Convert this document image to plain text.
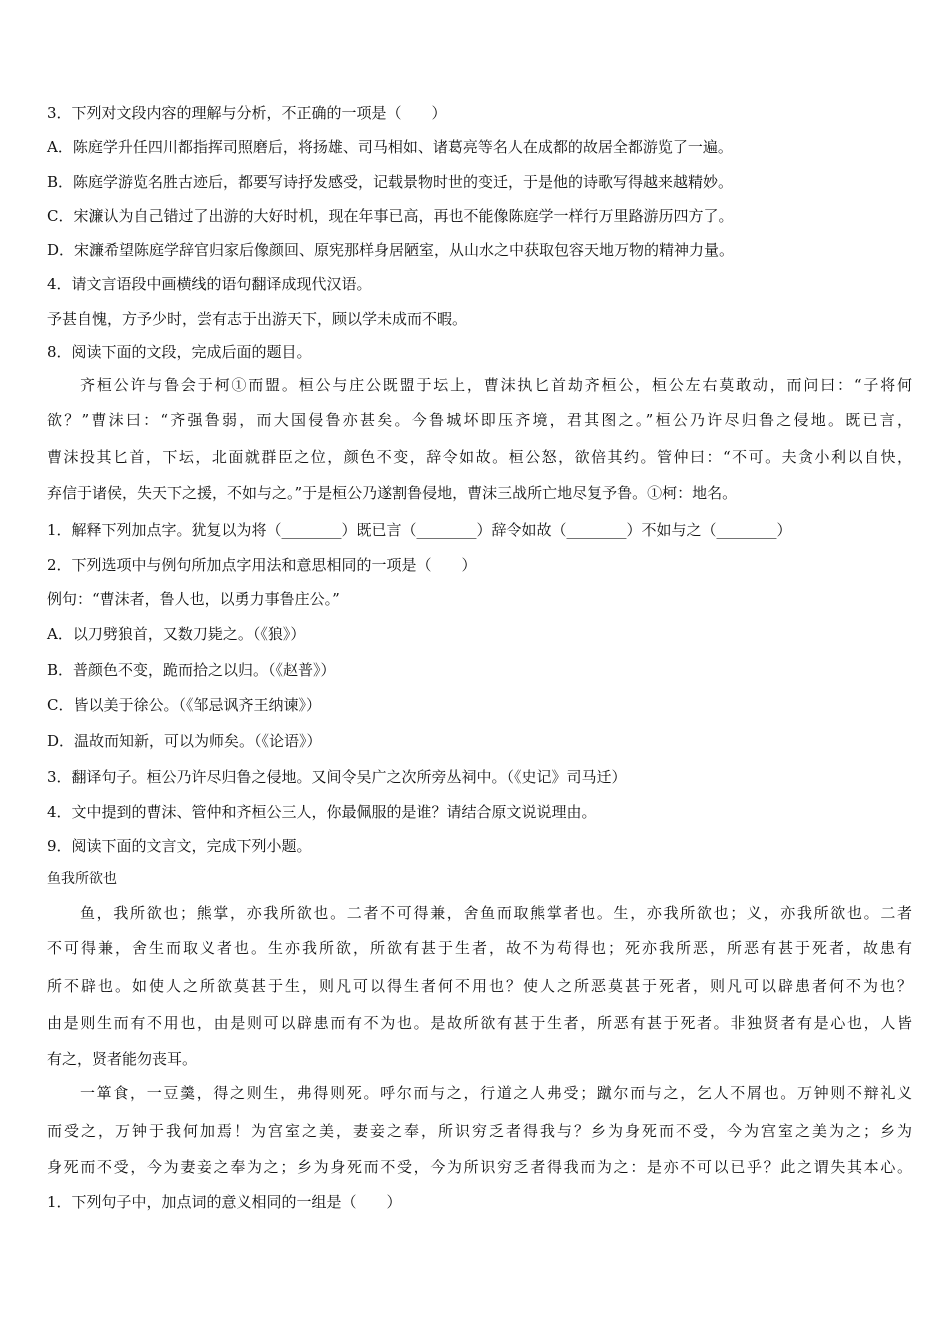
3．下列对文段内容的理解与分析，不正确的一项是（　　）
A．陈庭学升任四川都指挥司照磨后，将扬雄、司马相如、诸葛亮等名人在成都的故居全都游览了一遍。
B．陈庭学游览名胜古迹后，都要写诗抒发感受，记载景物时世的变迁，于是他的诗歌写得越来越精妙。
C．宋濂认为自己错过了出游的大好时机，现在年事已高，再也不能像陈庭学一样行万里路游历四方了。
D．宋濂希望陈庭学辞官归家后像颜回、原宪那样身居陋室，从山水之中获取包容天地万物的精神力量。
4．请文言语段中画横线的语句翻译成现代汉语。
予甚自愧，方予少时，尝有志于出游天下，顾以学未成而不暇。
8．阅读下面的文段，完成后面的题目。
齐桓公许与鲁会于柯①而盟。桓公与庄公既盟于坛上，曹沫执匕首劫齐桓公，桓公左右莫敢动，而问曰：“子将何
欲？”曹沫曰：“齐强鲁弱，而大国侵鲁亦甚矣。今鲁城坏即压齐境，君其图之。”桓公乃许尽归鲁之侵地。既已言，
曹沫投其匕首，下坛，北面就群臣之位，颜色不变，辞令如故。桓公怒，欲倍其约。管仲曰：“不可。夫贪小利以自快，
弃信于诸侯，失天下之援，不如与之。”于是桓公乃遂割鲁侵地，曹沫三战所亡地尽复予鲁。①柯：地名。
1．解释下列加点字。犹复以为将（________）既已言（________）辞令如故（________）不如与之（________）
2．下列选项中与例句所加点字用法和意思相同的一项是（　　）
例句：“曹沫者，鲁人也，以勇力事鲁庄公。”
A．以刀劈狼首，又数刀毙之。（《狼》）
B．普颜色不变，跪而拾之以归。（《赵普》）
C．皆以美于徐公。（《邹忌讽齐王纳谏》）
D．温故而知新，可以为师矣。（《论语》）
3．翻译句子。桓公乃许尽归鲁之侵地。又间令吴广之次所旁丛祠中。（《史记》司马迁）
4．文中提到的曹沫、管仲和齐桓公三人，你最佩服的是谁？请结合原文说说理由。
9．阅读下面的文言文，完成下列小题。
鱼我所欲也
鱼，我所欲也；熊掌，亦我所欲也。二者不可得兼，舍鱼而取熊掌者也。生，亦我所欲也；义，亦我所欲也。二者
不可得兼，舍生而取义者也。生亦我所欲，所欲有甚于生者，故不为苟得也；死亦我所恶，所恶有甚于死者，故患有
所不辟也。如使人之所欲莫甚于生，则凡可以得生者何不用也？使人之所恶莫甚于死者，则凡可以辟患者何不为也？
由是则生而有不用也，由是则可以辟患而有不为也。是故所欲有甚于生者，所恶有甚于死者。非独贤者有是心也，人皆
有之，贤者能勿丧耳。
一箪食，一豆羹，得之则生，弗得则死。呼尔而与之，行道之人弗受；蹴尔而与之，乞人不屑也。万钟则不辩礼义
而受之，万钟于我何加焉！为宫室之美，妻妾之奉，所识穷乏者得我与？乡为身死而不受，今为宫室之美为之；乡为
身死而不受，今为妻妾之奉为之；乡为身死而不受，今为所识穷乏者得我而为之：是亦不可以已乎？此之谓失其本心。
1．下列句子中，加点词的意义相同的一组是（　　）
